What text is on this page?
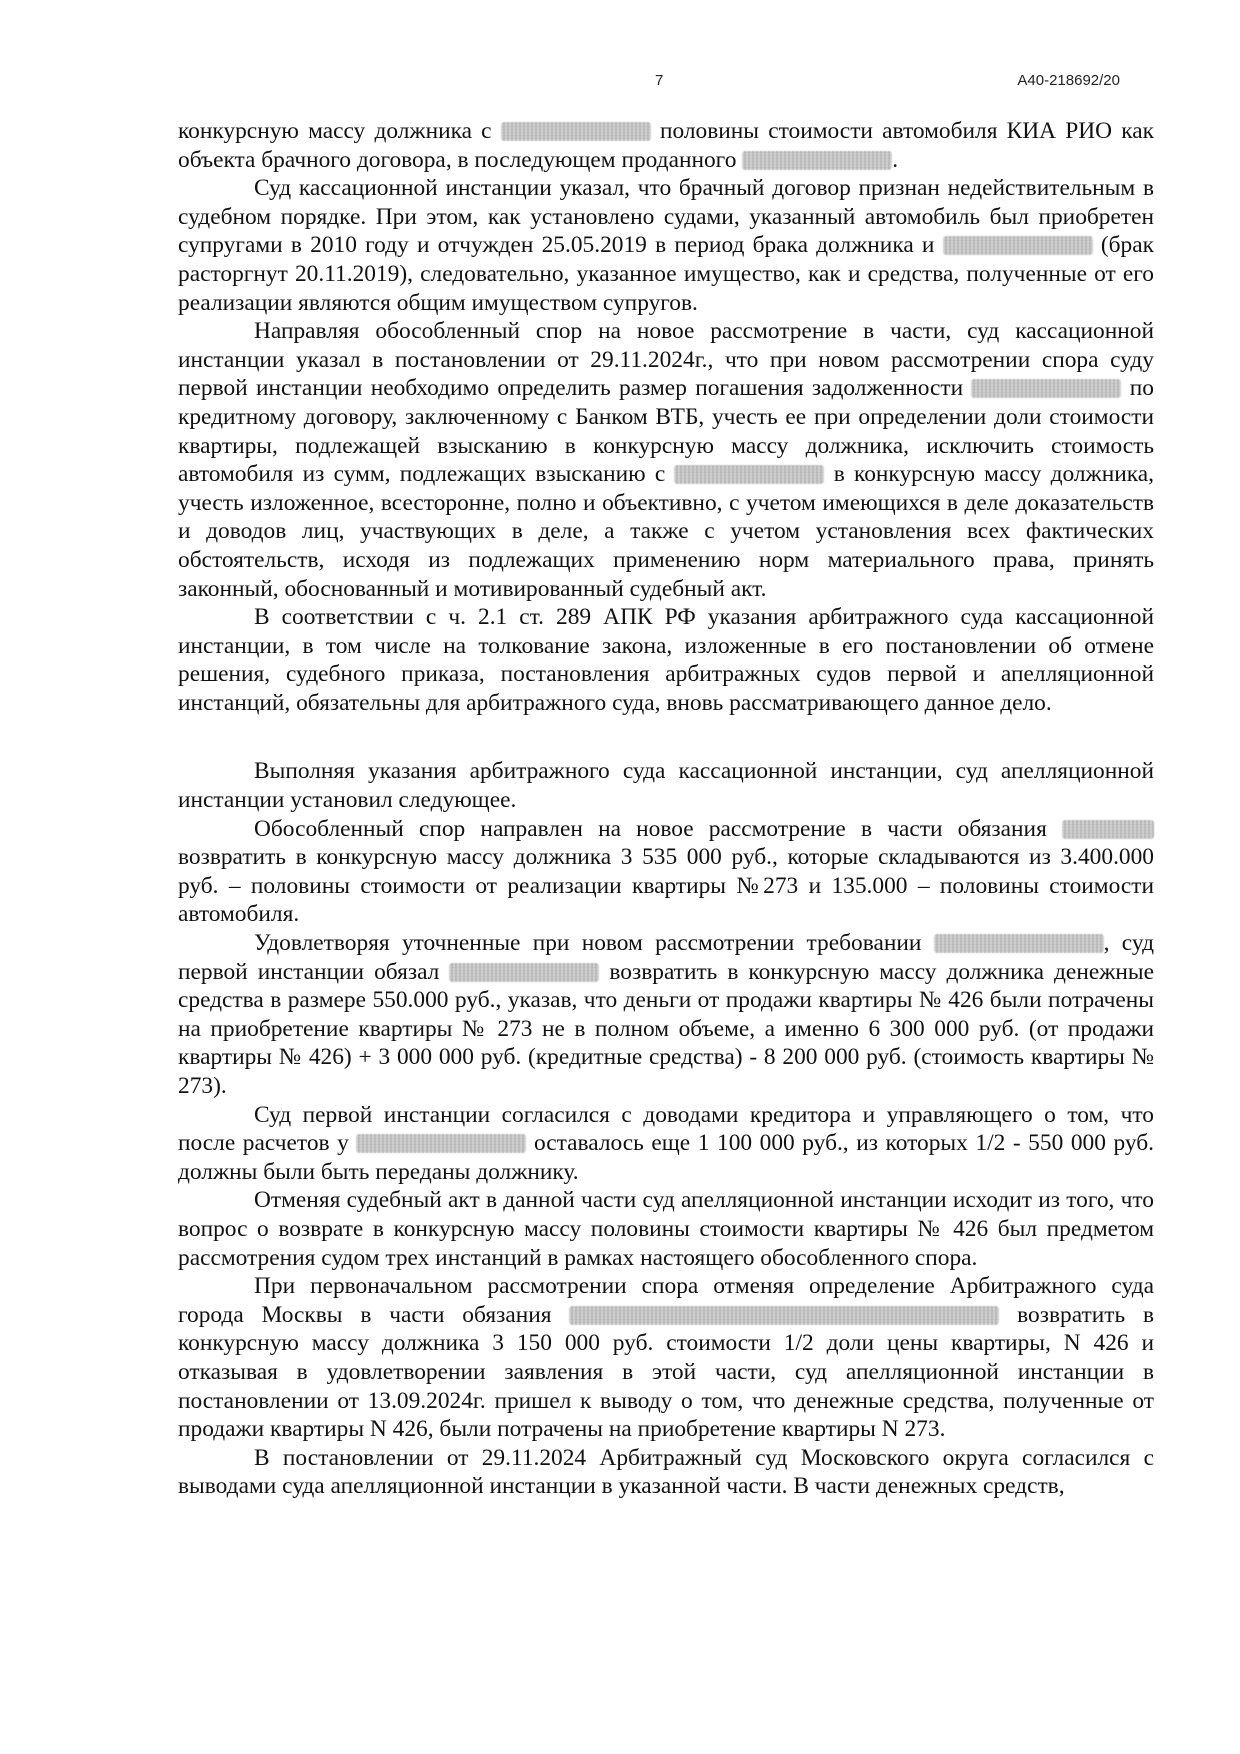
7	А40-218692/20

конкурсную массу должника с	половины стоимости автомобиля КИА РИО как объекта брачного договора, в последующем проданного	.

Суд кассационной инстанции указал, что брачный договор признан недействительным в судебном порядке. При этом, как установлено судами, указанный автомобиль был приобретен супругами в 2010 году и отчужден 25.05.2019 в период брака должника и	(брак расторгнут 20.11.2019), следовательно, указанное имущество, как и средства, полученные от его реализации являются общим имуществом супругов.

Направляя обособленный спор на новое рассмотрение в части, суд кассационной инстанции указал в постановлении от 29.11.2024г., что при новом рассмотрении спора суду первой инстанции необходимо определить размер погашения задолженности	по кредитному договору, заключенному с Банком ВТБ, учесть ее при определении доли стоимости квартиры, подлежащей взысканию в конкурсную массу должника, исключить стоимость автомобиля из сумм, подлежащих взысканию с	в конкурсную массу должника, учесть изложенное, всесторонне, полно и объективно, с учетом имеющихся в деле доказательств и доводов лиц, участвующих в деле, а также с учетом установления всех фактических обстоятельств, исходя из подлежащих применению норм материального права, принять законный, обоснованный и мотивированный судебный акт.

В соответствии с ч. 2.1 ст. 289 АПК РФ указания арбитражного суда кассационной инстанции, в том числе на толкование закона, изложенные в его постановлении об отмене решения, судебного приказа, постановления арбитражных судов первой и апелляционной инстанций, обязательны для арбитражного суда, вновь рассматривающего данное дело.

Выполняя указания арбитражного суда кассационной инстанции, суд апелляционной инстанции установил следующее.

Обособленный спор направлен на новое рассмотрение в части обязания  возвратить в конкурсную массу должника 3 535 000 руб., которые складываются из 3.400.000 руб. – половины стоимости от реализации квартиры №273 и 135.000 – половины стоимости автомобиля.

Удовлетворяя уточненные при новом рассмотрении требовании	, суд первой инстанции обязал	возвратить в конкурсную массу должника денежные средства в размере 550.000 руб., указав, что деньги от продажи квартиры № 426 были потрачены на приобретение квартиры № 273 не в полном объеме, а именно 6 300 000 руб. (от продажи квартиры № 426) + 3 000 000 руб. (кредитные средства) - 8 200 000 руб. (стоимость квартиры № 273).

Суд первой инстанции согласился с доводами кредитора и управляющего о том, что после расчетов у	оставалось еще 1 100 000 руб., из которых 1/2 - 550 000 руб. должны были быть переданы должнику.

Отменяя судебный акт в данной части суд апелляционной инстанции исходит из того, что вопрос о возврате в конкурсную массу половины стоимости квартиры № 426 был предметом рассмотрения судом трех инстанций в рамках настоящего обособленного спора.

При первоначальном рассмотрении спора отменяя определение Арбитражного суда города Москвы в части обязания	возвратить в конкурсную массу должника 3 150 000 руб. стоимости 1/2 доли цены квартиры, N 426 и отказывая в удовлетворении заявления в этой части, суд апелляционной инстанции в постановлении от 13.09.2024г. пришел к выводу о том, что денежные средства, полученные от продажи квартиры N 426, были потрачены на приобретение квартиры N 273.

В постановлении от 29.11.2024 Арбитражный суд Московского округа согласился с выводами суда апелляционной инстанции в указанной части. В части денежных средств,
